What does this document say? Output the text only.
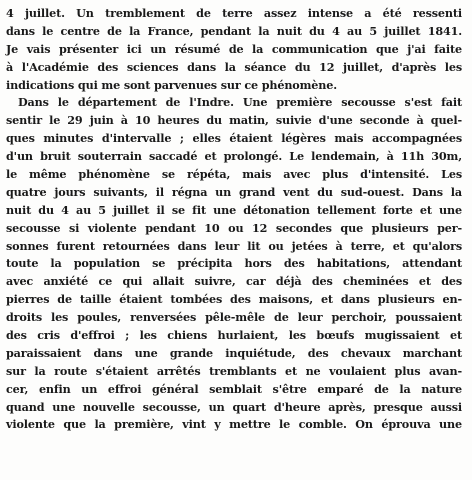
4 juillet. Un tremblement de terre assez intense a été ressenti
dans le centre de la France, pendant la nuit du 4 au 5 juillet 1841.
Je vais présenter ici un résumé de la communication que j'ai faite
à l'Académie des sciences dans la séance du 12 juillet, d'après les
indications qui me sont parvenues sur ce phénomène.
Dans le département de l'Indre. Une première secousse s'est fait
sentir le 29 juin à 10 heures du matin, suivie d'une seconde à quel-
ques minutes d'intervalle ; elles étaient légères mais accompagnées
d'un bruit souterrain saccadé et prolongé. Le lendemain, à 11h 30m,
le même phénomène se répéta, mais avec plus d'intensité. Les
quatre jours suivants, il régna un grand vent du sud-ouest. Dans la
nuit du 4 au 5 juillet il se fit une détonation tellement forte et une
secousse si violente pendant 10 ou 12 secondes que plusieurs per-
sonnes furent retournées dans leur lit ou jetées à terre, et qu'alors
toute la population se précipita hors des habitations, attendant
avec anxiété ce qui allait suivre, car déjà des cheminées et des
pierres de taille étaient tombées des maisons, et dans plusieurs en-
droits les poules, renversées pêle-mêle de leur perchoir, poussaient
des cris d'effroi ; les chiens hurlaient, les bœufs mugissaient et
paraissaient dans une grande inquiétude, des chevaux marchant
sur la route s'étaient arrêtés tremblants et ne voulaient plus avan-
cer, enfin un effroi général semblait s'être emparé de la nature
quand une nouvelle secousse, un quart d'heure après, presque aussi
violente que la première, vint y mettre le comble. On éprouva une
